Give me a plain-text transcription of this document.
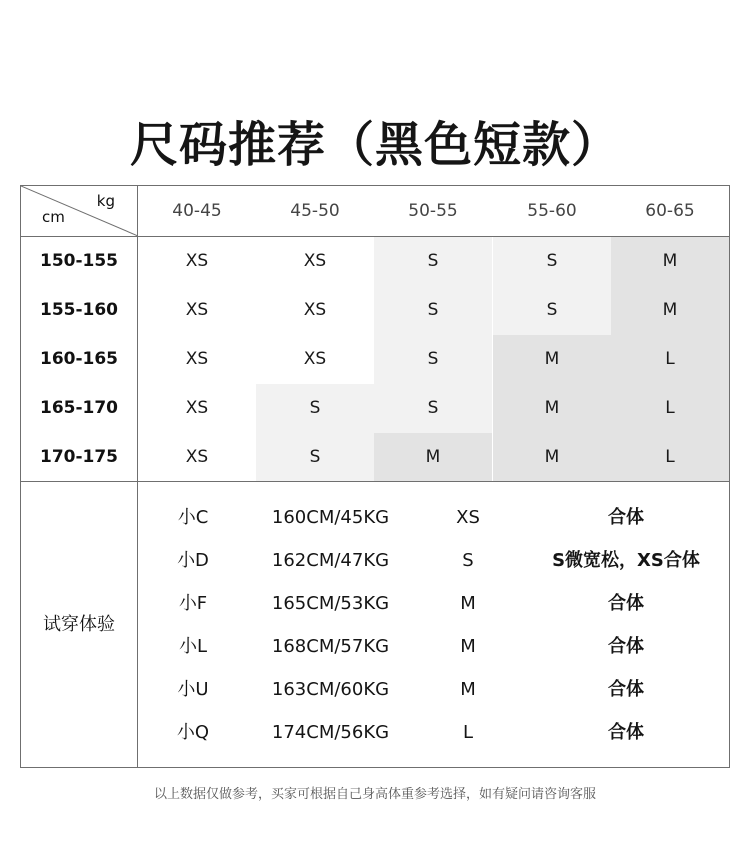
尺码推荐（黑色短款）
kg
cm	40-45	45-50	50-55	55-60	60-65
150-155	XS	XS	S	S	M
155-160	XS	XS	S	S	M
160-165	XS	XS	S	M	L
165-170	XS	S	S	M	L
170-175	XS	S	M	M	L
试穿体验
小C	160CM/45KG	XS	合体
小D	162CM/47KG	S	S微宽松，XS合体
小F	165CM/53KG	M	合体
小L	168CM/57KG	M	合体
小U	163CM/60KG	M	合体
小Q	174CM/56KG	L	合体
以上数据仅做参考，买家可根据自己身高体重参考选择，如有疑问请咨询客服
